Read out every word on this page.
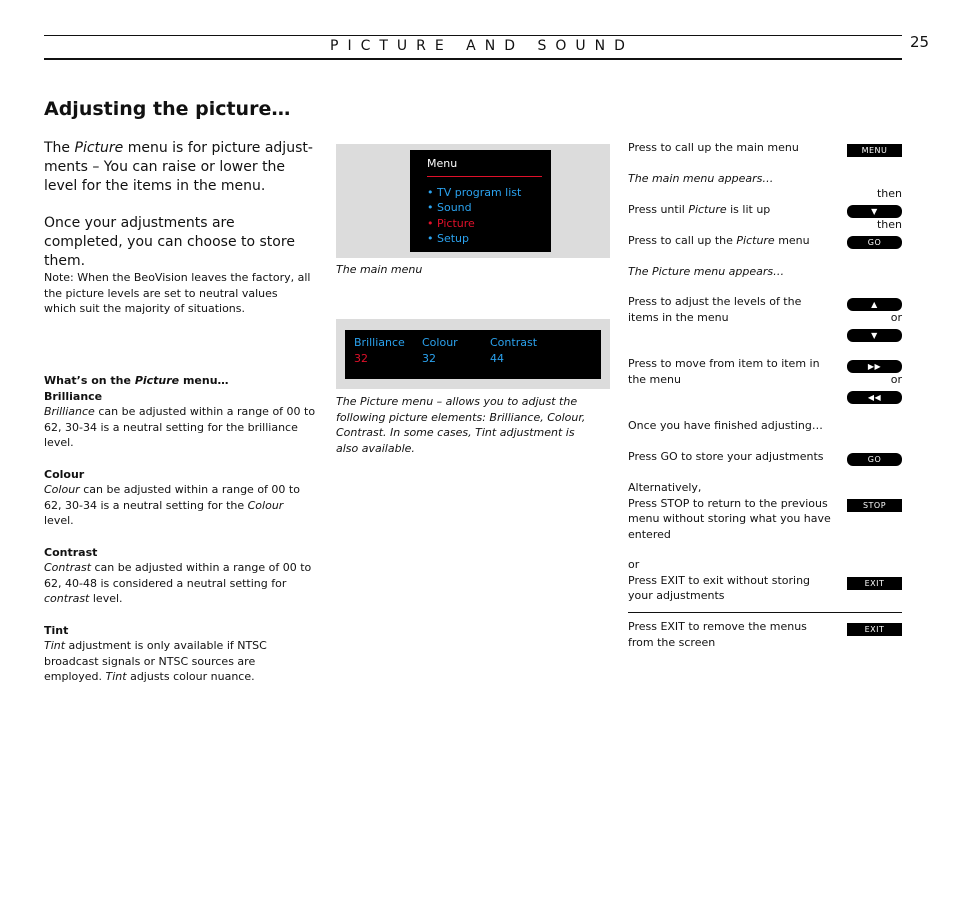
PICTURE AND SOUND	25
Adjusting the picture…

The Picture menu is for picture adjust-ments – You can raise or lower the level for the items in the menu.

Once your adjustments are completed, you can choose to store them.

Note: When the BeoVision leaves the factory, all the picture levels are set to neutral values which suit the majority of situations.
What’s on the Picture menu…
Brilliance
Brilliance can be adjusted within a range of 00 to 62, 30-34 is a neutral setting for the brilliance level.
Colour
Colour can be adjusted within a range of 00 to 62, 30-34 is a neutral setting for the Colour level.
Contrast
Contrast can be adjusted within a range of 00 to 62, 40-48 is considered a neutral setting for contrast level.
Tint
Tint adjustment is only available if NTSC broadcast signals or NTSC sources are employed. Tint adjusts colour nuance.
Menu
• TV program list
• Sound
• Picture
• Setup
The main menu
Brilliance Colour	Contrast
32	32	44
The Picture menu – allows you to adjust the following picture elements: Brilliance, Colour, Contrast. In some cases, Tint adjustment is also available.
Press to call up the main menu	MENU
The main menu appears…
then
Press until Picture is lit up	▼
then
Press to call up the Picture menu	GO
The Picture menu appears…
Press to adjust the levels of the items in the menu
▲
or
▼
Press to move from item to item in the menu
▶▶
or
◀◀
Once you have finished adjusting…
Press GO to store your adjustments	GO
Alternatively,
Press STOP to return to the previous menu without storing what you have entered
STOP
or
Press EXIT to exit without storing your adjustments
EXIT
Press EXIT to remove the menus from the screen
EXIT
